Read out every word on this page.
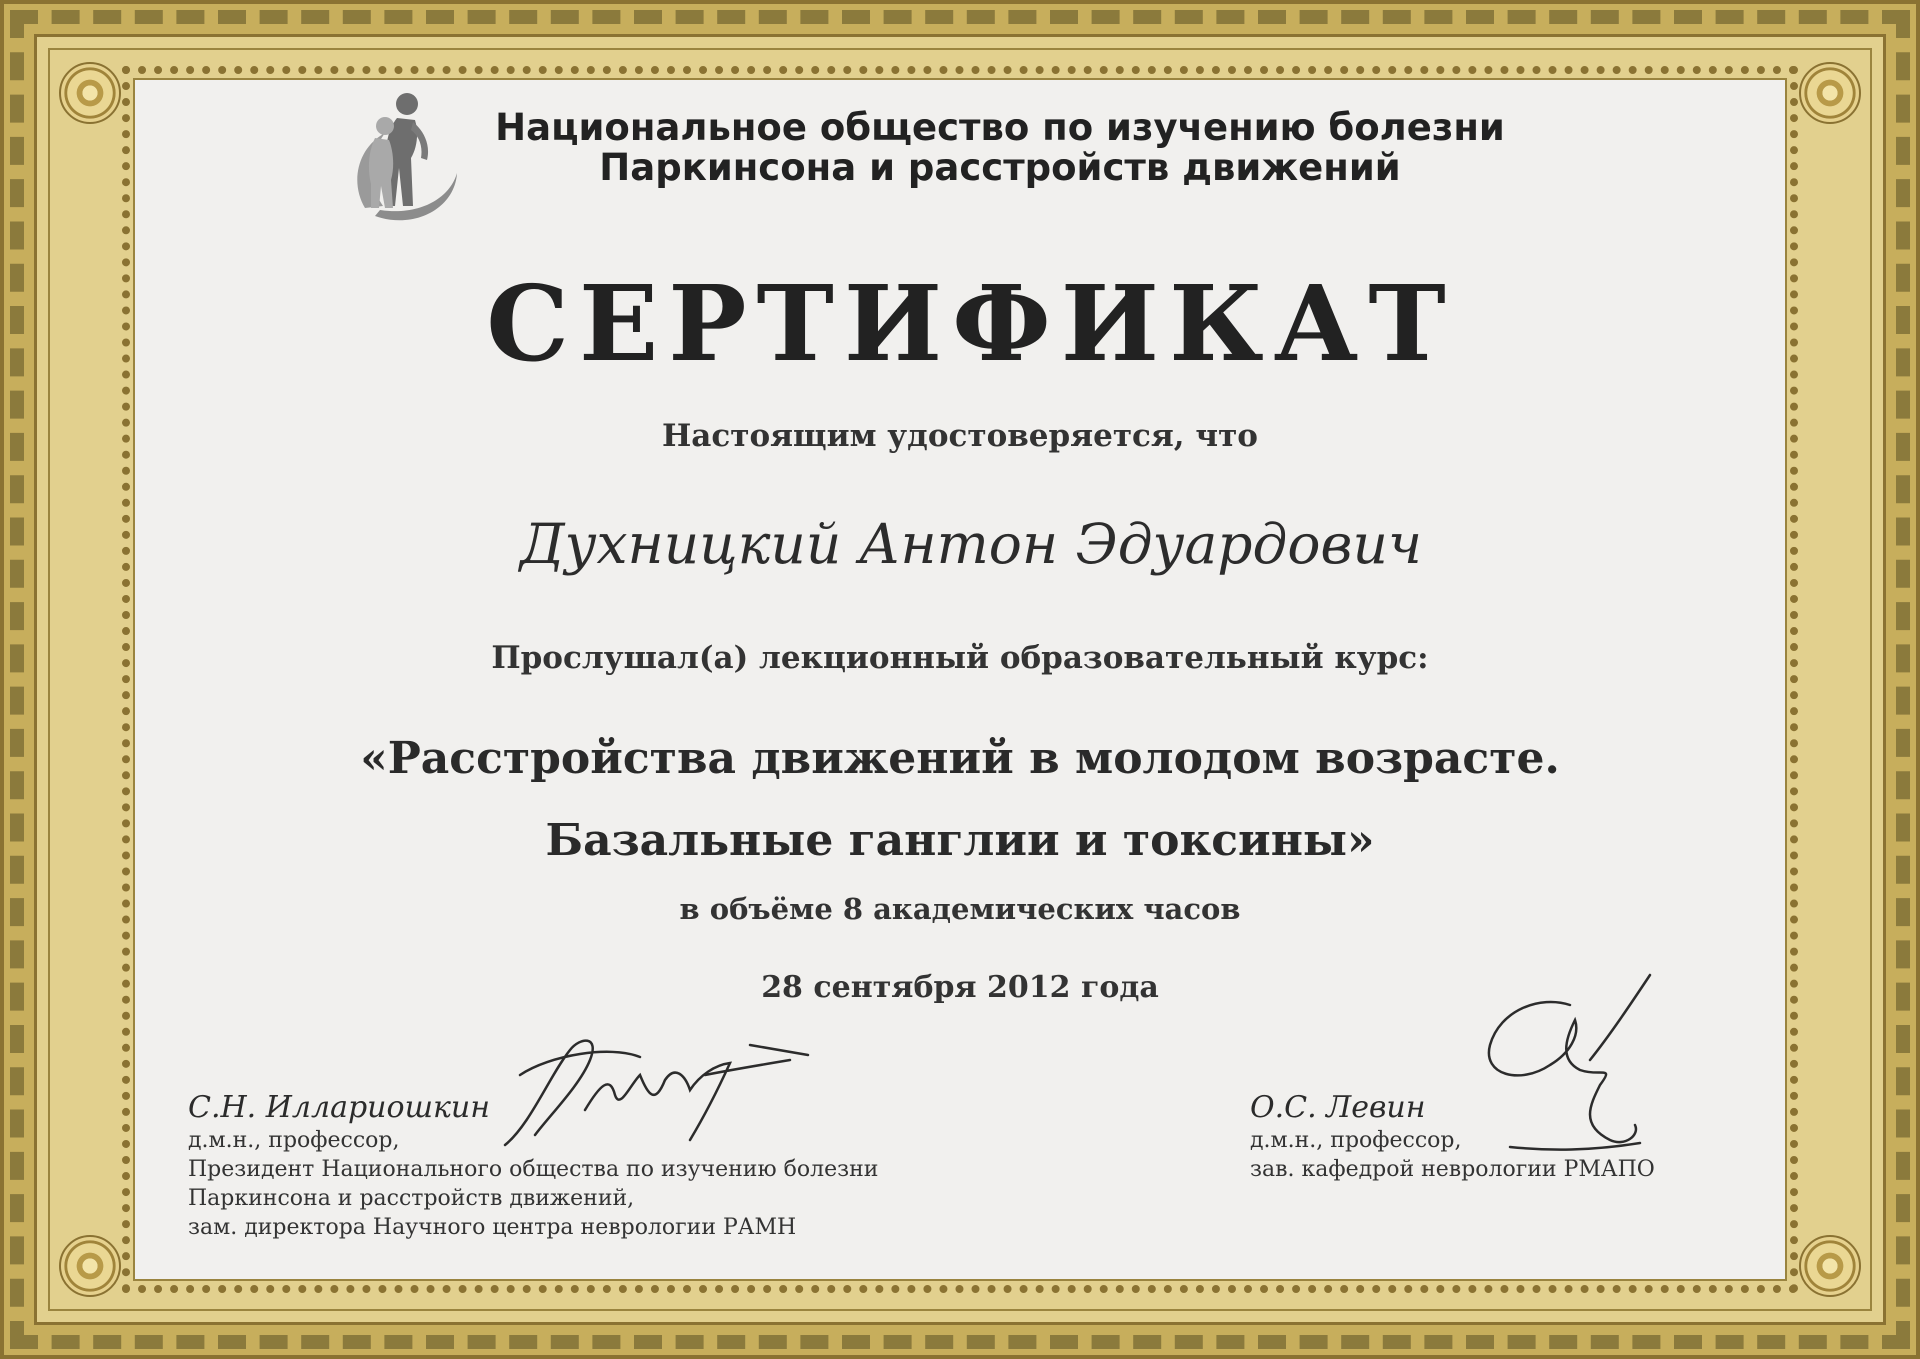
Национальное общество по изучению болезни
Паркинсона и расстройств движений
СЕРТИФИКАТ
Настоящим удостоверяется, что
Духницкий Антон Эдуардович
Прослушал(а) лекционный образовательный курс:
«Расстройства движений в молодом возрасте.
Базальные ганглии и токсины»
в объёме 8 академических часов
28 сентября 2012 года
С.Н. Иллариошкин
д.м.н., профессор,
Президент Национального общества по изучению болезни
Паркинсона и расстройств движений,
зам. директора Научного центра неврологии РАМН
О.С. Левин
д.м.н., профессор,
зав. кафедрой неврологии РМАПО
